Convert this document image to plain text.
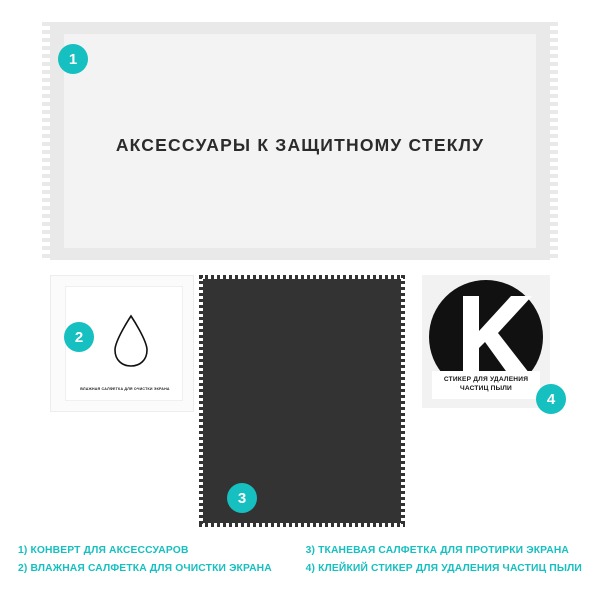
АКСЕССУАРЫ К ЗАЩИТНОМУ СТЕКЛУ
1
ВЛАЖНАЯ САЛФЕТКА ДЛЯ ОЧИСТКИ ЭКРАНА
2
3
СТИКЕР ДЛЯ УДАЛЕНИЯ
ЧАСТИЦ ПЫЛИ
4
1) КОНВЕРТ ДЛЯ АКСЕССУАРОВ
2) ВЛАЖНАЯ САЛФЕТКА ДЛЯ ОЧИСТКИ ЭКРАНА
3) ТКАНЕВАЯ САЛФЕТКА ДЛЯ ПРОТИРКИ ЭКРАНА
4) КЛЕЙКИЙ СТИКЕР ДЛЯ УДАЛЕНИЯ ЧАСТИЦ ПЫЛИ
